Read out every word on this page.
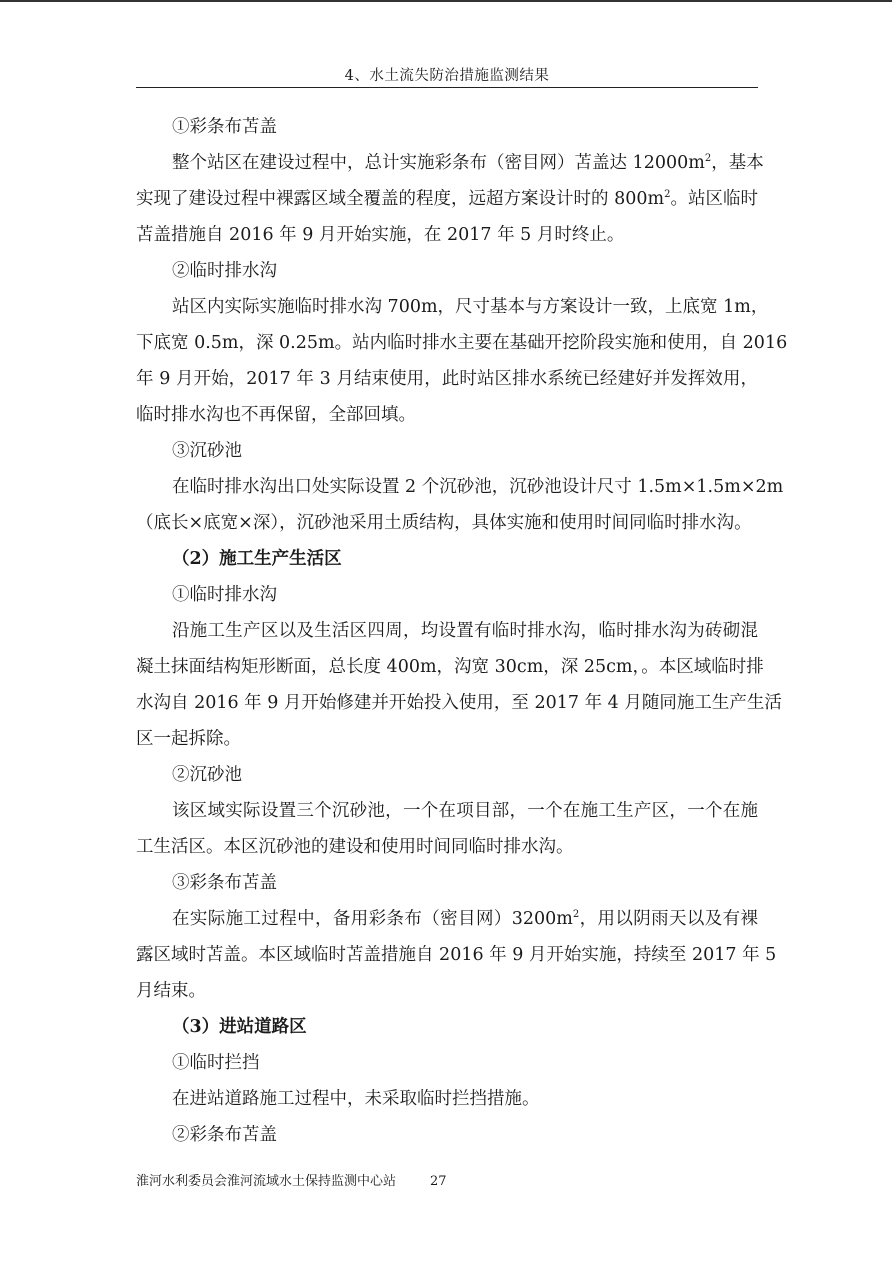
4、水土流失防治措施监测结果
①彩条布苫盖
整个站区在建设过程中，总计实施彩条布（密目网）苫盖达 $12000m^2$，基本
实现了建设过程中裸露区域全覆盖的程度，远超方案设计时的 $800m^2$。站区临时
苫盖措施自 2016 年 9 月开始实施，在 2017 年 5 月时终止。
②临时排水沟
站区内实际实施临时排水沟 700m，尺寸基本与方案设计一致，上底宽 1m，
下底宽 0.5m，深 0.25m。站内临时排水主要在基础开挖阶段实施和使用，自 2016
年 9 月开始，2017 年 3 月结束使用，此时站区排水系统已经建好并发挥效用，
临时排水沟也不再保留，全部回填。
③沉砂池
在临时排水沟出口处实际设置 2 个沉砂池，沉砂池设计尺寸 1.5m×1.5m×2m
（底长×底宽×深），沉砂池采用土质结构，具体实施和使用时间同临时排水沟。
（2）施工生产生活区
①临时排水沟
沿施工生产区以及生活区四周，均设置有临时排水沟，临时排水沟为砖砌混
凝土抹面结构矩形断面，总长度 400m，沟宽 30cm，深 25cm，。本区域临时排
水沟自 2016 年 9 月开始修建并开始投入使用，至 2017 年 4 月随同施工生产生活
区一起拆除。
②沉砂池
该区域实际设置三个沉砂池，一个在项目部，一个在施工生产区，一个在施
工生活区。本区沉砂池的建设和使用时间同临时排水沟。
③彩条布苫盖
在实际施工过程中，备用彩条布（密目网）$3200m^2$，用以阴雨天以及有裸
露区域时苫盖。本区域临时苫盖措施自 2016 年 9 月开始实施，持续至 2017 年 5
月结束。
（3）进站道路区
①临时拦挡
在进站道路施工过程中，未采取临时拦挡措施。
②彩条布苫盖
淮河水利委员会淮河流域水土保持监测中心站	27
